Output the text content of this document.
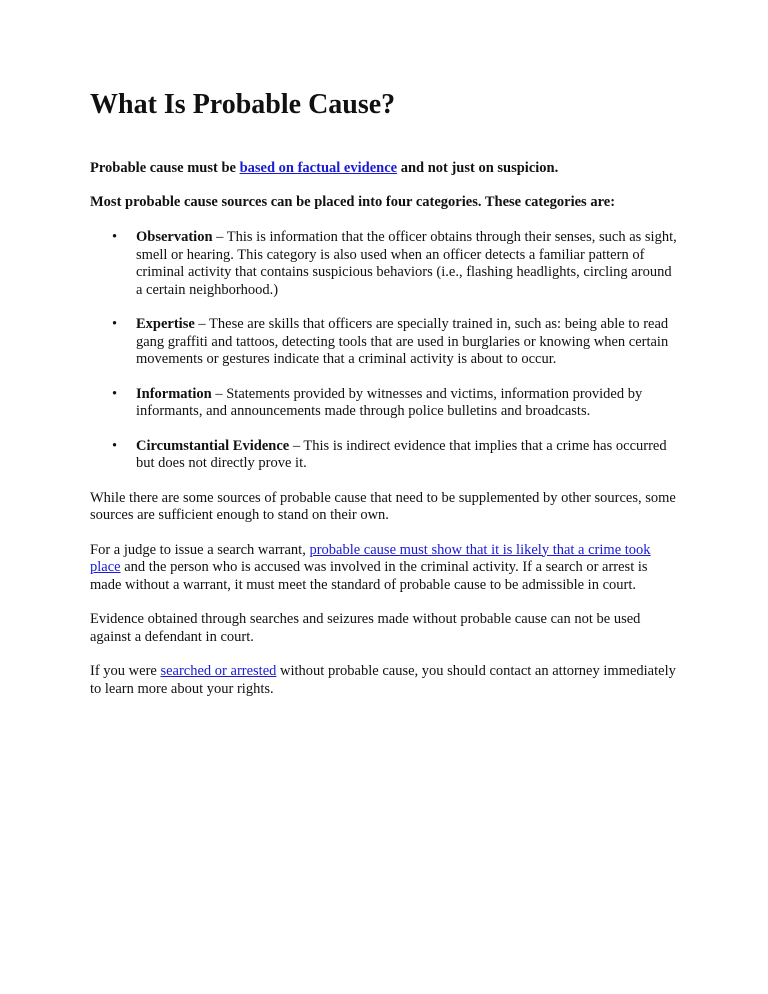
What Is Probable Cause?

Probable cause must be based on factual evidence and not just on suspicion.

Most probable cause sources can be placed into four categories. These categories are:

• Observation – This is information that the officer obtains through their senses, such as sight, smell or hearing. This category is also used when an officer detects a familiar pattern of criminal activity that contains suspicious behaviors (i.e., flashing headlights, circling around a certain neighborhood.)
• Expertise – These are skills that officers are specially trained in, such as: being able to read gang graffiti and tattoos, detecting tools that are used in burglaries or knowing when certain movements or gestures indicate that a criminal activity is about to occur.
• Information – Statements provided by witnesses and victims, information provided by informants, and announcements made through police bulletins and broadcasts.
• Circumstantial Evidence – This is indirect evidence that implies that a crime has occurred but does not directly prove it.

While there are some sources of probable cause that need to be supplemented by other sources, some sources are sufficient enough to stand on their own.

For a judge to issue a search warrant, probable cause must show that it is likely that a crime took place and the person who is accused was involved in the criminal activity. If a search or arrest is made without a warrant, it must meet the standard of probable cause to be admissible in court.

Evidence obtained through searches and seizures made without probable cause can not be used against a defendant in court.

If you were searched or arrested without probable cause, you should contact an attorney immediately to learn more about your rights.
